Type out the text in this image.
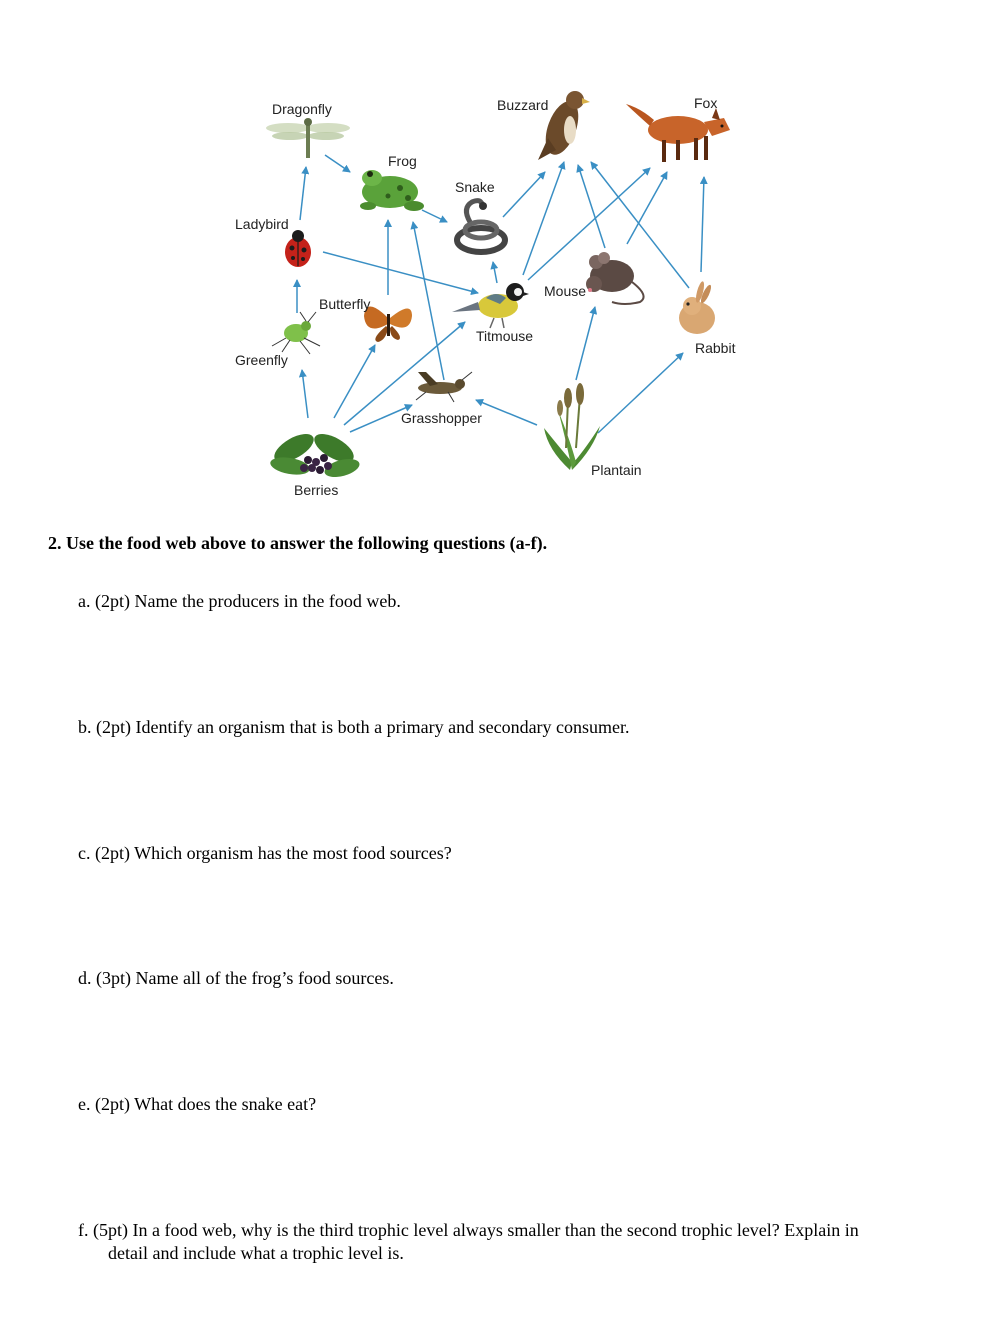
Dragonfly
Frog
Snake
Buzzard	Fox
Ladybird
Butterfly
Titmouse
Mouse
Rabbit
Greenfly
Grasshopper
Plantain
Berries
2. Use the food web above to answer the following questions (a-f).
a. (2pt) Name the producers in the food web.
b. (2pt) Identify an organism that is both a primary and secondary consumer.
c. (2pt) Which organism has the most food sources?
d. (3pt) Name all of the frog’s food sources.
e. (2pt) What does the snake eat?
f. (5pt) In a food web, why is the third trophic level always smaller than the second trophic level? Explain in
detail and include what a trophic level is.
